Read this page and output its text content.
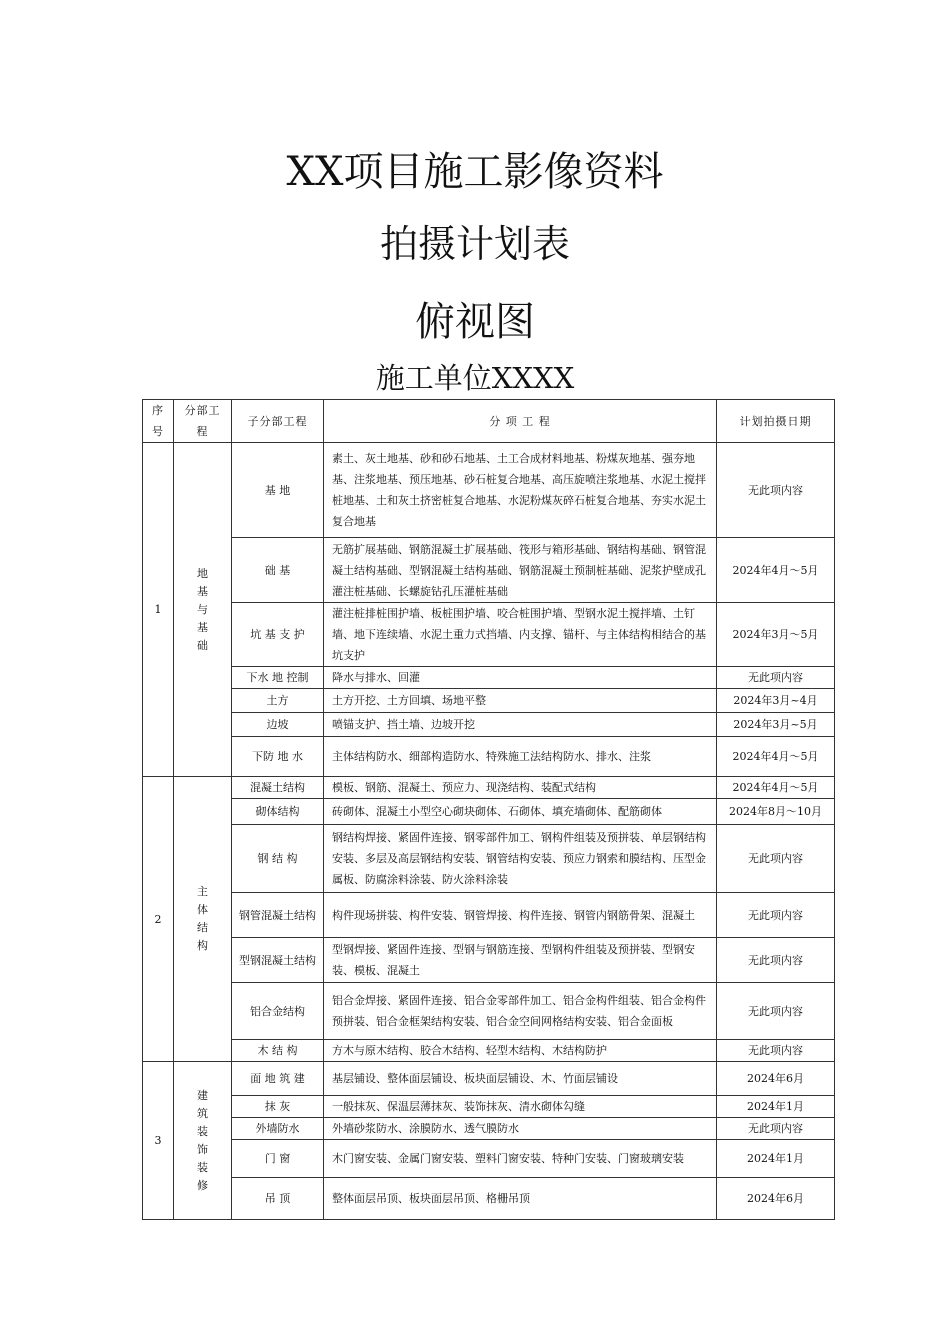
XX项目施工影像资料
拍摄计划表
俯视图
施工单位XXXX
序号	分部工程	子分部工程	分 项 工 程	计划拍摄日期
1	地基与基础	基 地	素土、灰土地基、砂和砂石地基、土工合成材料地基、粉煤灰地基、强夯地基、注浆地基、预压地基、砂石桩复合地基、高压旋喷注浆地基、水泥土搅拌桩地基、土和灰土挤密桩复合地基、水泥粉煤灰碎石桩复合地基、夯实水泥土复合地基	无此项内容
		础 基	无筋扩展基础、钢筋混凝土扩展基础、筏形与箱形基础、钢结构基础、钢管混凝土结构基础、型钢混凝土结构基础、钢筋混凝土预制桩基础、泥浆护壁成孔灌注桩基础、长螺旋钻孔压灌桩基础	2024年4月～5月
		坑 基 支 护	灌注桩排桩围护墙、板桩围护墙、咬合桩围护墙、型钢水泥土搅拌墙、土钉墙、地下连续墙、水泥土重力式挡墙、内支撑、锚杆、与主体结构相结合的基坑支护	2024年3月～5月
		下水 地 控制	降水与排水、回灌	无此项内容
		土方	土方开挖、土方回填、场地平整	2024年3月~4月
		边坡	喷锚支护、挡土墙、边坡开挖	2024年3月~5月
		下防 地 水	主体结构防水、细部构造防水、特殊施工法结构防水、排水、注浆	2024年4月～5月
2	主体结构	混凝土结构	模板、钢筋、混凝土、预应力、现浇结构、装配式结构	2024年4月～5月
		砌体结构	砖砌体、混凝土小型空心砌块砌体、石砌体、填充墙砌体、配筋砌体	2024年8月～10月
		钢 结 构	钢结构焊接、紧固件连接、钢零部件加工、钢构件组装及预拼装、单层钢结构安装、多层及高层钢结构安装、钢管结构安装、预应力钢索和膜结构、压型金属板、防腐涂料涂装、防火涂料涂装	无此项内容
		钢管混凝土结构	构件现场拼装、构件安装、钢管焊接、构件连接、钢管内钢筋骨架、混凝土	无此项内容
		型钢混凝土结构	型钢焊接、紧固件连接、型钢与钢筋连接、型钢构件组装及预拼装、型钢安装、模板、混凝土	无此项内容
		铝合金结构	铝合金焊接、紧固件连接、铝合金零部件加工、铝合金构件组装、铝合金构件预拼装、铝合金框架结构安装、铝合金空间网格结构安装、铝合金面板	无此项内容
		木 结 构	方木与原木结构、胶合木结构、轻型木结构、木结构防护	无此项内容
3	建筑装饰装修	面 地 筑 建	基层铺设、整体面层铺设、板块面层铺设、木、竹面层铺设	2024年6月
		抹 灰	一般抹灰、保温层薄抹灰、装饰抹灰、清水砌体勾缝	2024年1月
		外墙防水	外墙砂浆防水、涂膜防水、透气膜防水	无此项内容
		门 窗	木门窗安装、金属门窗安装、塑料门窗安装、特种门安装、门窗玻璃安装	2024年1月
		吊 顶	整体面层吊顶、板块面层吊顶、格栅吊顶	2024年6月
